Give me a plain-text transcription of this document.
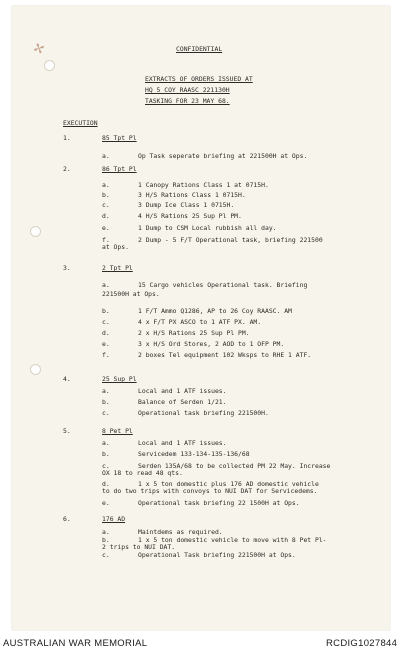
✢	CONFIDENTIAL
EXTRACTS OF ORDERS ISSUED AT
HQ 5 COY RAASC 221130H
TASKING FOR 23 MAY 68.
EXECUTION
1.	85 Tpt Pl
a.	Op Task seperate briefing at 221500H at Ops.
2.	86 Tpt Pl
a.	1 Canopy Rations Class 1 at 0715H.
b.	3 H/S Rations Class 1 0715H.
c.	3 Dump Ice Class 1 0715H.
d.	4 H/S Rations 25 Sup Pl PM.
e.	1 Dump to CSM Local rubbish all day.
f.	2 Dump - 5 F/T Operational task, briefing 221500
at Ops.
3.	2 Tpt Pl
a.	15 Cargo vehicles Operational task. Briefing
221500H at Ops.
b.	1 F/T Ammo Q1286, AP to 26 Coy RAASC. AM
c.	4 x F/T PX ASCO to 1 ATF PX. AM.
d.	2 x H/S Rations 25 Sup Pl PM.
e.	3 x H/S Ord Stores, 2 AOD to 1 OFP PM.
f.	2 boxes Tel equipment 102 Wksps to RHE 1 ATF.
4.	25 Sup Pl
a.	Local and 1 ATF issues.
b.	Balance of Serden 1/21.
c.	Operational task briefing 221500H.
5.	8 Pet Pl
a.	Local and 1 ATF issues.
b.	Servicedem 133-134-135-136/68
c.	Serden 135A/68 to be collected PM 22 May. Increase
OX 18 to read 48 qts.
d.	1 x 5 ton domestic plus 176 AD domestic vehicle
to do two trips with convoys to NUI DAT for Servicedems.
e.	Operational task briefing 22 1500H at Ops.
6.	176 AD
a.	Maintdems as required.
b.	1 x 5 ton domestic vehicle to move with 8 Pet Pl-
2 trips to NUI DAT.
c.	Operational Task briefing 221500H at Ops.
AUSTRALIAN WAR MEMORIAL	RCDIG1027844
